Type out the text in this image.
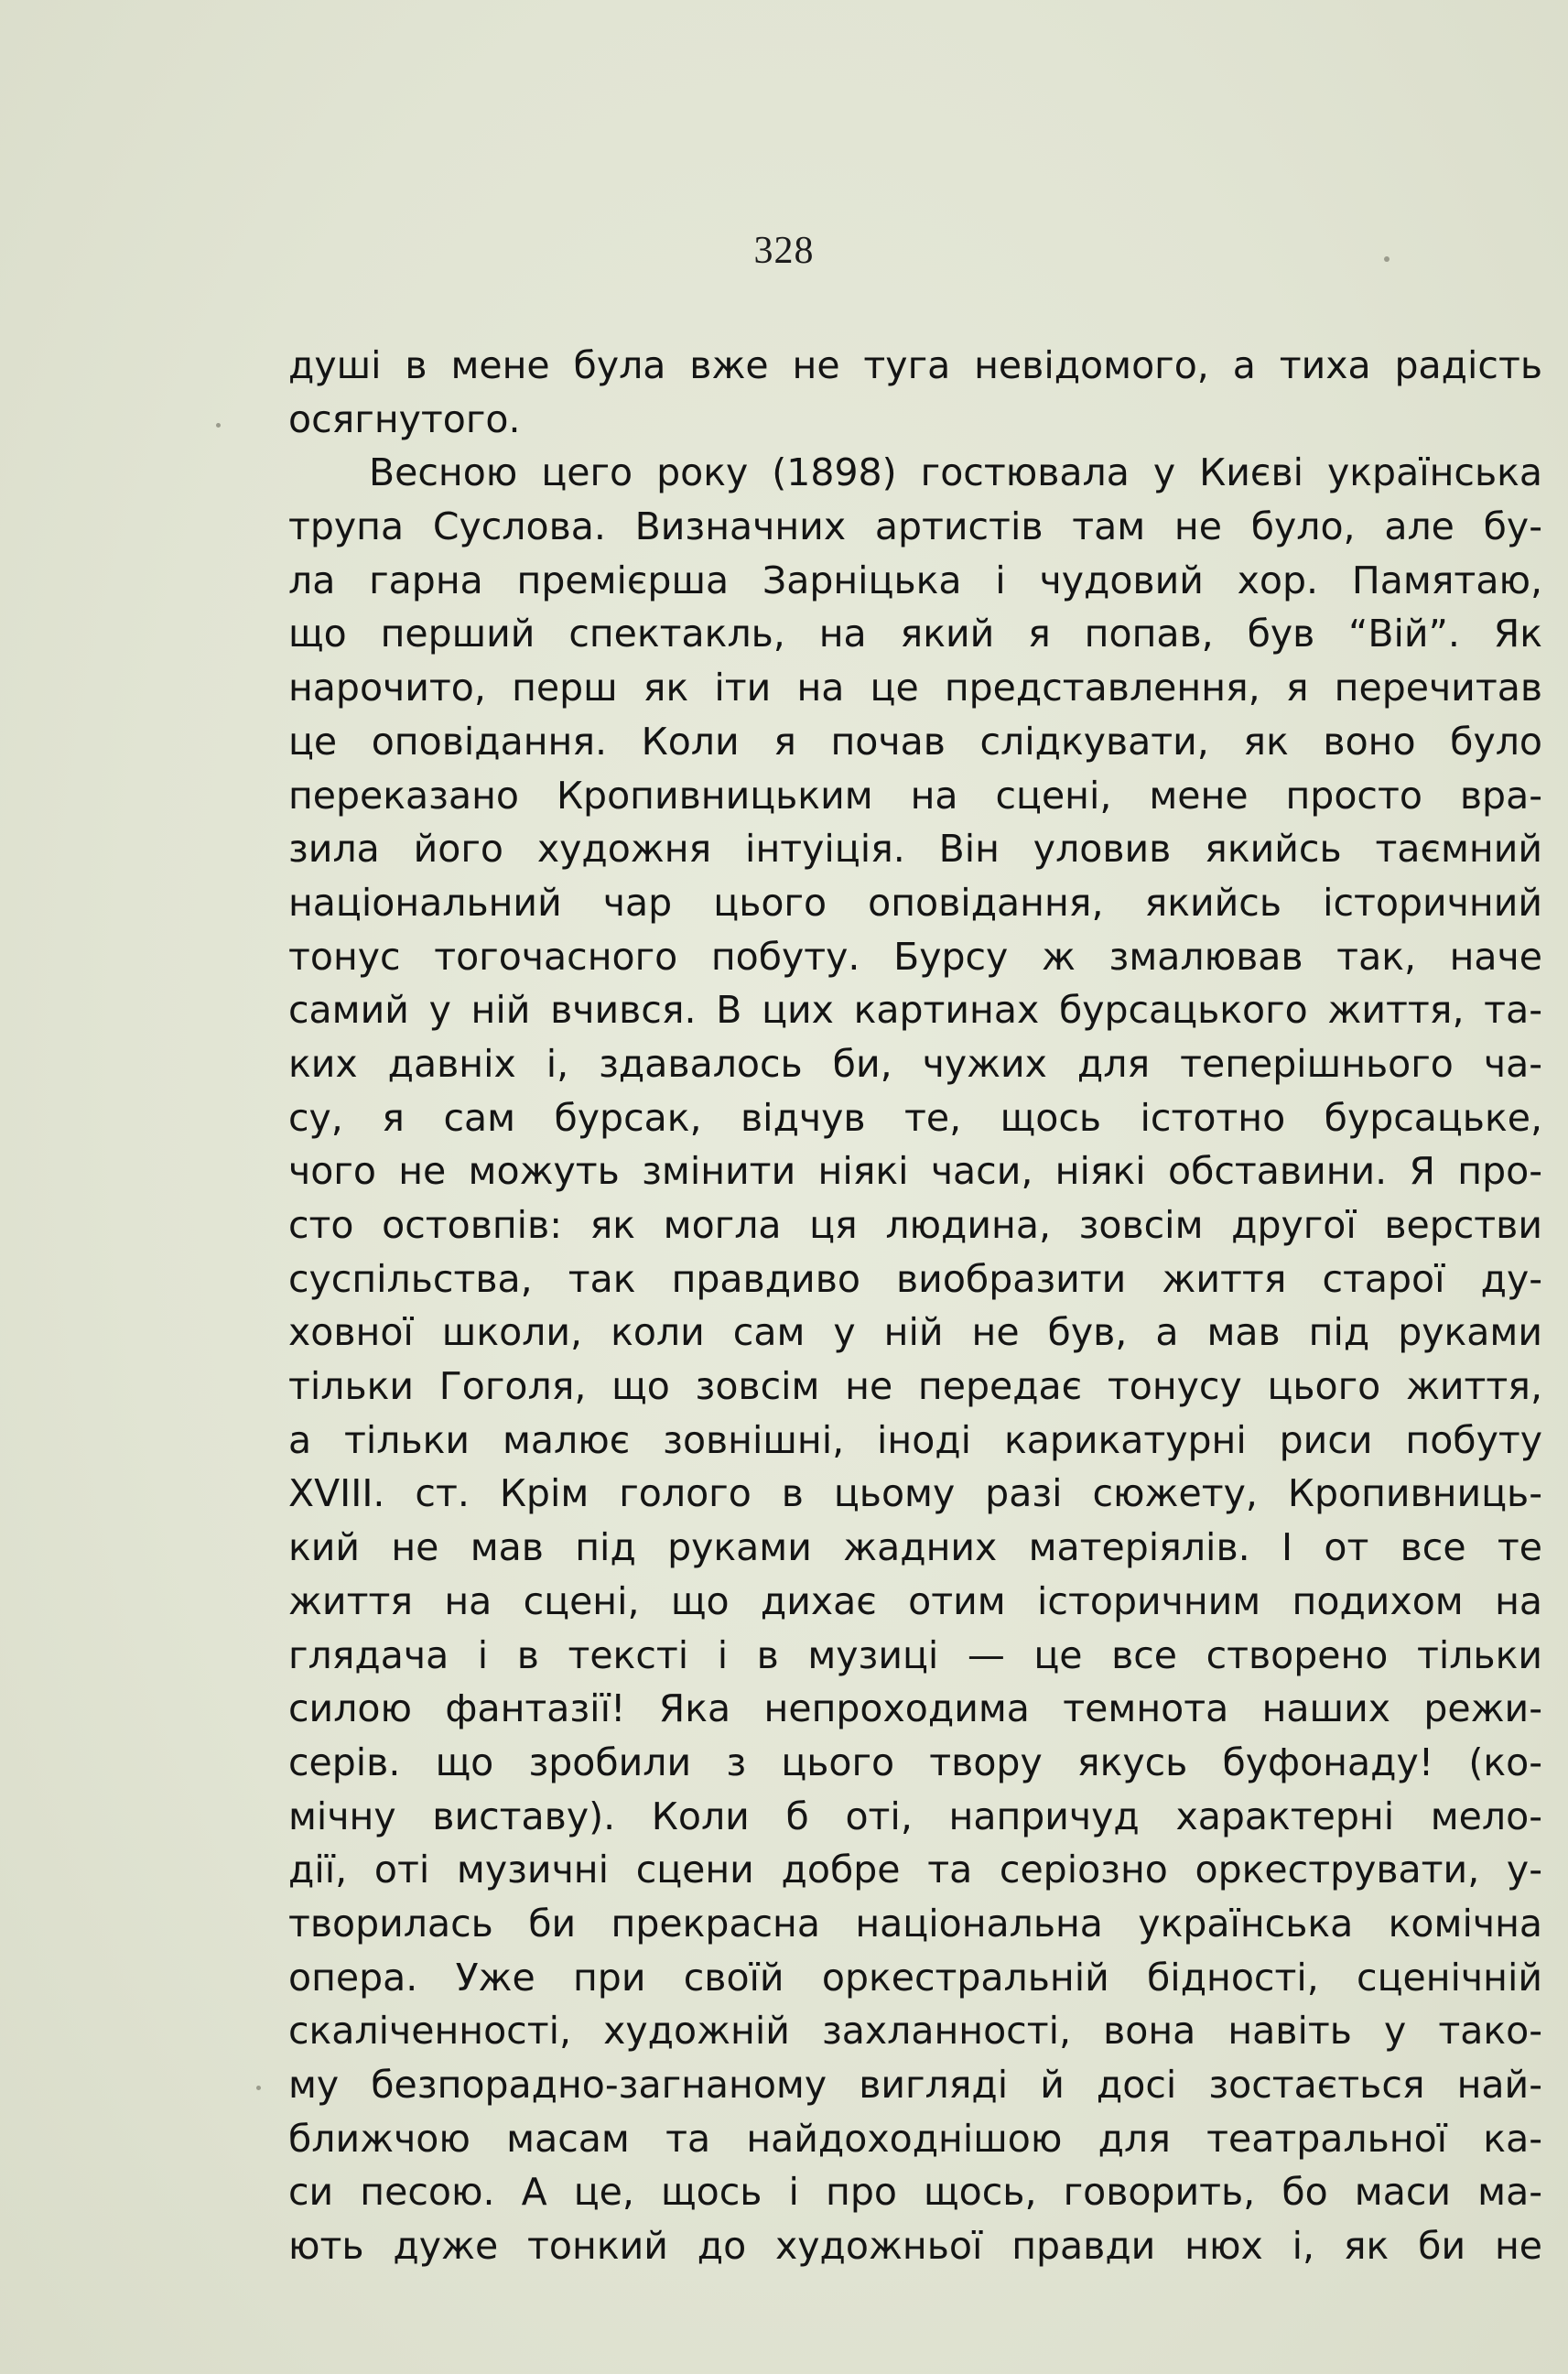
328
душі в мене була вже не туга невідомого, а тиха радість
осягнутого.
Весною цего року (1898) гостювала у Києві українська
трупа Суслова. Визначних артистів там не було, але бу-
ла гарна премієрша Зарніцька і чудовий хор. Памятаю,
що перший спектакль, на який я попав, був “Вій”. Як
нарочито, перш як іти на це представлення, я перечитав
це оповідання. Коли я почав слідкувати, як воно було
переказано Кропивницьким на сцені, мене просто вра-
зила його художня інтуіція. Він уловив якийсь таємний
національний чар цього оповідання, якийсь історичний
тонус тогочасного побуту. Бурсу ж змалював так, наче
самий у ній вчився. В цих картинах бурсацького життя, та-
ких давніх і, здавалось би, чужих для теперішнього ча-
су, я сам бурсак, відчув те, щось істотно бурсацьке,
чого не можуть змінити ніякі часи, ніякі обставини. Я про-
сто остовпів: як могла ця людина, зовсім другої верстви
суспільства, так правдиво виобразити життя старої ду-
ховної школи, коли сам у ній не був, а мав під руками
тільки Гоголя, що зовсім не передає тонусу цього життя,
а тільки малює зовнішні, іноді карикатурні риси побуту
XVIII. ст. Крім голого в цьому разі сюжету, Кропивниць-
кий не мав під руками жадних матеріялів. І от все те
життя на сцені, що дихає отим історичним подихом на
глядача і в тексті і в музиці — це все створено тільки
силою фантазії! Яка непроходима темнота наших режи-
серів. що зробили з цього твору якусь буфонаду! (ко-
мічну виставу). Коли б оті, напричуд характерні мело-
дії, оті музичні сцени добре та серіозно оркеструвати, у-
творилась би прекрасна національна українська комічна
опера. Уже при своїй оркестральній бідності, сценічній
скаліченності, художній захланності, вона навіть у тако-
му безпорадно-загнаному вигляді й досі зостається най-
ближчою масам та найдоходнішою для театральної ка-
си песою. А це, щось і про щось, говорить, бо маси ма-
ють дуже тонкий до художньої правди нюх і, як би не
